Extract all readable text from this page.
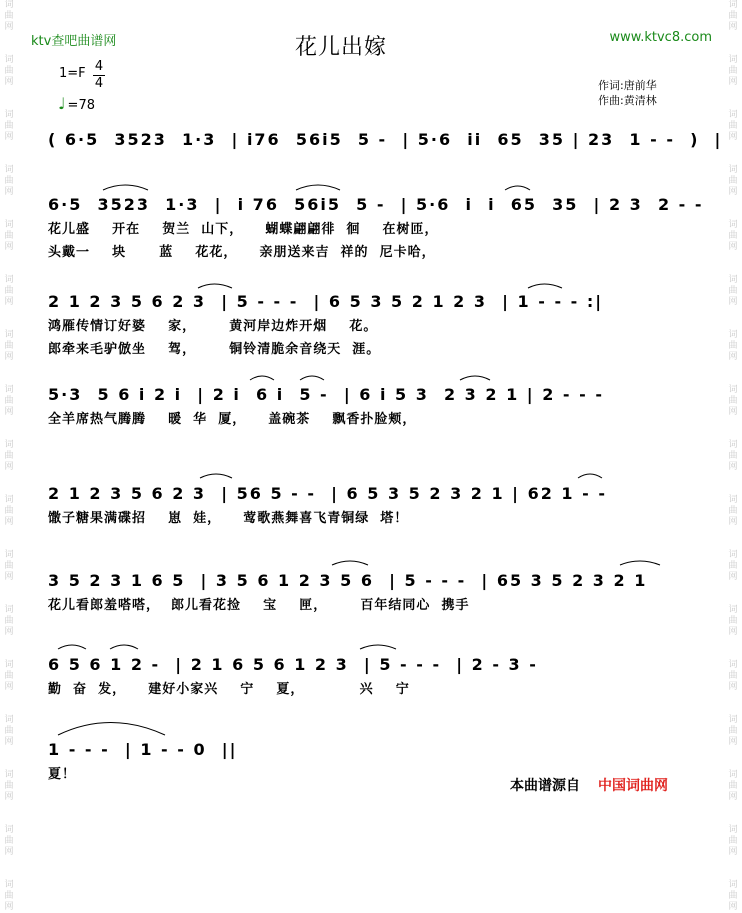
词
曲
网
词
曲
网
词
曲
网
词
曲
网
词
曲
网
词
曲
网
词
曲
网
词
曲
网
词
曲
网
词
曲
网
词
曲
网
词
曲
网
词
曲
网
词
曲
网
词
曲
网
词
曲
网
词
曲
网
词
曲
网
词
曲
网
词
曲
网
词
曲
网
词
曲
网
词
曲
网
词
曲
网
词
曲
网
词
曲
网
词
曲
网
词
曲
网
词
曲
网
词
曲
网
词
曲
网
词
曲
网
词
曲
网
词
曲
网
ktv查吧曲谱网	花儿出嫁	www.ktvc8.com
1=F 4
4
♩ =78
作词:唐前华
作曲:黄清林
( 6·5  3523  1·3  | i76  56i5  5 -  | 5·6  ii  65  35 | 23  1 - -  )  |
6·5  3523  1·3  |  i 76  56i5  5 -  | 5·6  i  i  65  35  | 2 3  2 - -
花儿盛    开在    贺兰  山下，    蝴蝶翩翩徘  徊    在树匝，
头戴一    块      蓝    花花，    亲朋送来吉  祥的  尼卡哈，
2 1 2 3 5 6 2 3  | 5 - - -  | 6 5 3 5 2 1 2 3  | 1 - - - :|
鸿雁传情订好婆    家，      黄河岸边炸开烟    花。
郎牵来毛驴倣坐    驾，      铜铃清脆余音绕天  涯。
5·3  5 6 i 2 i  | 2 i  6 i  5 -  | 6 i 5 3  2 3 2 1 | 2 - - -
全羊席热气腾腾    暖  华  厦，    盖碗茶    飘香扑脸颊，
2 1 2 3 5 6 2 3  | 56 5 - -  | 6 5 3 5 2 3 2 1 | 62 1 - -
馓子糖果满碟招    崽  娃，    莺歌燕舞喜飞青铜绿  塔！
3 5 2 3 1 6 5  | 3 5 6 1 2 3 5 6  | 5 - - -  | 65 3 5 2 3 2 1
花儿看郎羞嗒嗒，  郎儿看花捡    宝    匣，      百年结同心  携手
6 5 6 1 2 -  | 2 1 6 5 6 1 2 3  | 5 - - -  | 2 - 3 -
勤  奋  发，    建好小家兴    宁    夏，          兴    宁
1 - - -  | 1 - - 0  ||
夏！
本曲谱源自 中国词曲网
